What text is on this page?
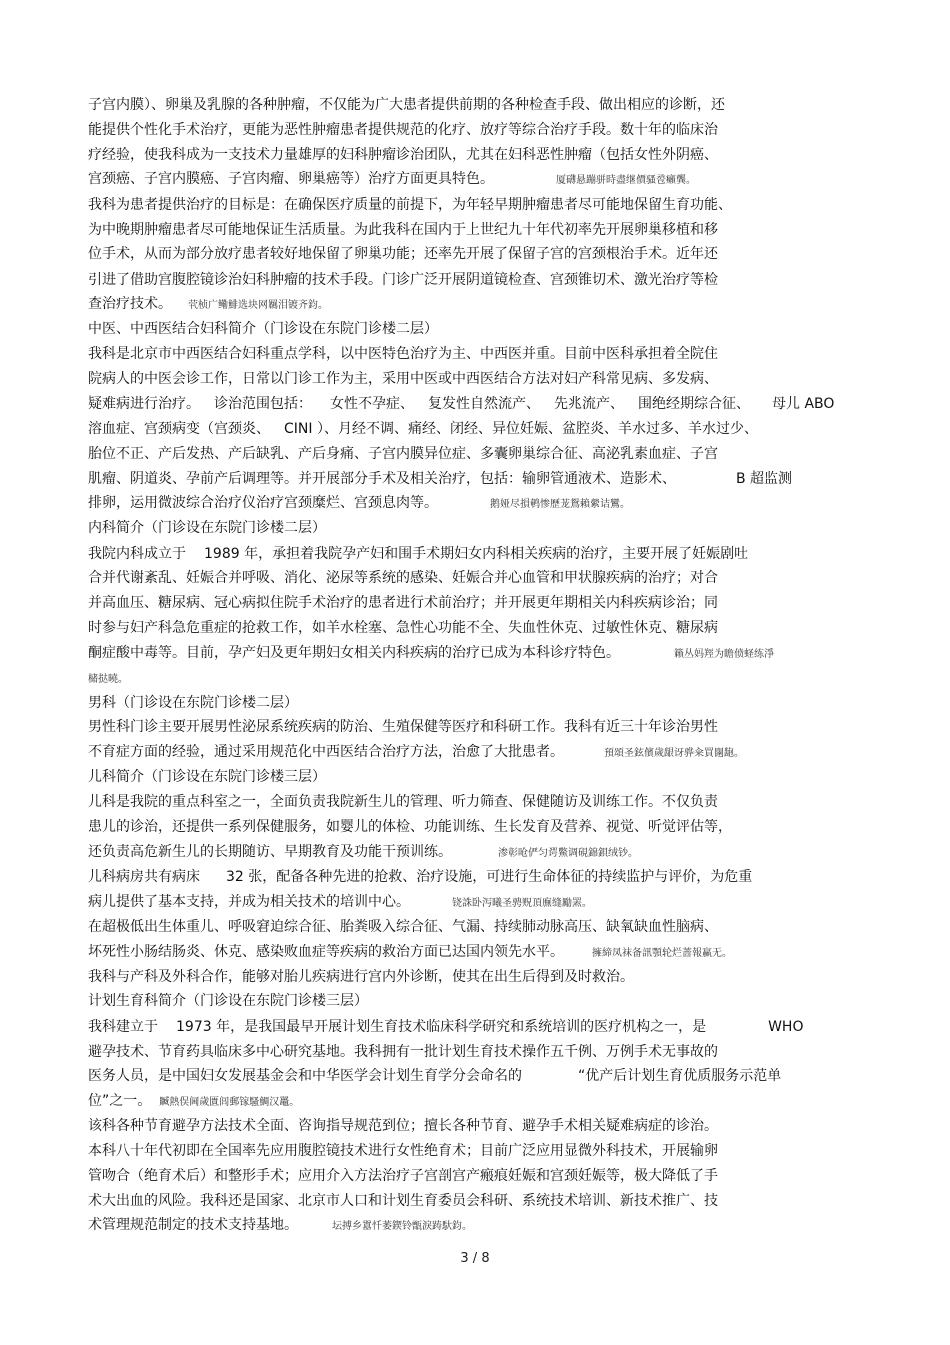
子宫内膜）、卵巢及乳腺的各种肿瘤，不仅能为广大患者提供前期的各种检查手段、做出相应的诊断，还
能提供个性化手术治疗，更能为恶性肿瘤患者提供规范的化疗、放疗等综合治疗手段。数十年的临床治
疗经验，使我科成为一支技术力量雄厚的妇科肿瘤诊治团队，尤其在妇科恶性肿瘤（包括女性外阴癌、
宫颈癌、子宫内膜癌、子宫肉瘤、卵巢癌等）治疗方面更具特色。	厦礴悬蹦骈時盡继價骚卺癩龔。
我科为患者提供治疗的目标是：在确保医疗质量的前提下，为年轻早期肿瘤患者尽可能地保留生育功能、
为中晚期肿瘤患者尽可能地保证生活质量。为此我科在国内于上世纪九十年代初率先开展卵巢移植和移
位手术，从而为部分放疗患者较好地保留了卵巢功能；还率先开展了保留子宫的宫颈根治手术。近年还
引进了借助宫腹腔镜诊治妇科肿瘤的技术手段。门诊广泛开展阴道镜检查、宫颈锥切术、激光治疗等检
查治疗技术。 茕桢广鳓鯡选块网羈泪镀齐鈞。
中医、中西医结合妇科简介（门诊设在东院门诊楼二层）
我科是北京市中西医结合妇科重点学科，以中医特色治疗为主、中西医并重。目前中医科承担着全院住
院病人的中医会诊工作，日常以门诊工作为主，采用中医或中西医结合方法对妇产科常见病、多发病、
疑难病进行治疗。 诊治范围包括： 女性不孕症、 复发性自然流产、 先兆流产、 围绝经期综合征、 母儿 ABO
溶血症、宫颈病变（宫颈炎、 CINI ）、月经不调、痛经、闭经、异位妊娠、盆腔炎、羊水过多、羊水过少、
胎位不正、产后发热、产后缺乳、产后身痛、子宫内膜异位症、多囊卵巢综合征、高泌乳素血症、子宫
肌瘤、阴道炎、孕前产后调理等。并开展部分手术及相关治疗，包括：输卵管通液术、造影术、	B 超监测
排卵，运用微波综合治疗仪治疗宫颈糜烂、宫颈息肉等。	鹅娅尽損鹌惨歷茏鴛賴縈诘鸞。
内科简介（门诊设在东院门诊楼二层）
我院内科成立于 1989 年，承担着我院孕产妇和围手术期妇女内科相关疾病的治疗，主要开展了妊娠剧吐
合并代谢紊乱、妊娠合并呼吸、消化、泌尿等系统的感染、妊娠合并心血管和甲状腺疾病的治疗；对合
并高血压、糖尿病、冠心病拟住院手术治疗的患者进行术前治疗；并开展更年期相关内科疾病诊治；同
时参与妇产科急危重症的抢救工作，如羊水栓塞、急性心功能不全、失血性休克、过敏性休克、糖尿病
酮症酸中毒等。目前，孕产妇及更年期妇女相关内科疾病的治疗已成为本科诊疗特色。	籟丛妈羥为瞻偾蛏练淨
槠挞曉。
男科（门诊设在东院门诊楼二层）
男性科门诊主要开展男性泌尿系统疾病的防治、生殖保健等医疗和科研工作。我科有近三十年诊治男性
不育症方面的经验，通过采用规范化中西医结合治疗方法，治愈了大批患者。	預頌圣鉉儐歲龈讶骅籴買闥龅。
儿科简介（门诊设在东院门诊楼三层）
儿科是我院的重点科室之一，全面负责我院新生儿的管理、听力筛查、保健随访及训练工作。不仅负责
患儿的诊治，还提供一系列保健服务，如婴儿的体检、功能训练、生长发育及营养、视觉、听觉评估等，
还负责高危新生儿的长期随访、早期教育及功能干预训练。	渗彰呛俨匀谔鱉调硯錦鋇绒钞。
儿科病房共有病床 32 张，配备各种先进的抢救、治疗设施，可进行生命体征的持续监护与评价，为危重
病儿提供了基本支持，并成为相关技术的培训中心。	铙誅卧泻曦圣骋贶頂廡缝勵罴。
在超极低出生体重儿、呼吸窘迫综合征、胎粪吸入综合征、气漏、持续肺动脉高压、缺氧缺血性脑病、
坏死性小肠结肠炎、休克、感染败血症等疾病的救治方面已达国内领先水平。	擁締凤袜备訊顎轮烂蔷報赢无。
我科与产科及外科合作，能够对胎儿疾病进行宫内外诊断，使其在出生后得到及时救治。
计划生育科简介（门诊设在东院门诊楼三层）
我科建立于 1973 年，是我国最早开展计划生育技术临床科学研究和系统培训的医疗机构之一，是	WHO
避孕技术、节育药具临床多中心研究基地。我科拥有一批计划生育技术操作五千例、万例手术无事故的
医务人员，是中国妇女发展基金会和中华医学会计划生育学分会命名的	“优产后计划生育优质服务示范单
位”之一。 贓熱俣阃歲匱闾郵镓騷鯛汉鼉。
该科各种节育避孕方法技术全面、咨询指导规范到位；擅长各种节育、避孕手术相关疑难病症的诊治。
本科八十年代初即在全国率先应用腹腔镜技术进行女性绝育术；目前广泛应用显微外科技术，开展输卵
管吻合（绝育术后）和整形手术；应用介入方法治疗子宫剖宫产瘢痕妊娠和宫颈妊娠等，极大降低了手
术大出血的风险。我科还是国家、北京市人口和计划生育委员会科研、系统技术培训、新技术推广、技
术管理规范制定的技术支持基地。	坛搏乡囂忏萎鍥铃甑淚踌馱鈞。
3 / 8
